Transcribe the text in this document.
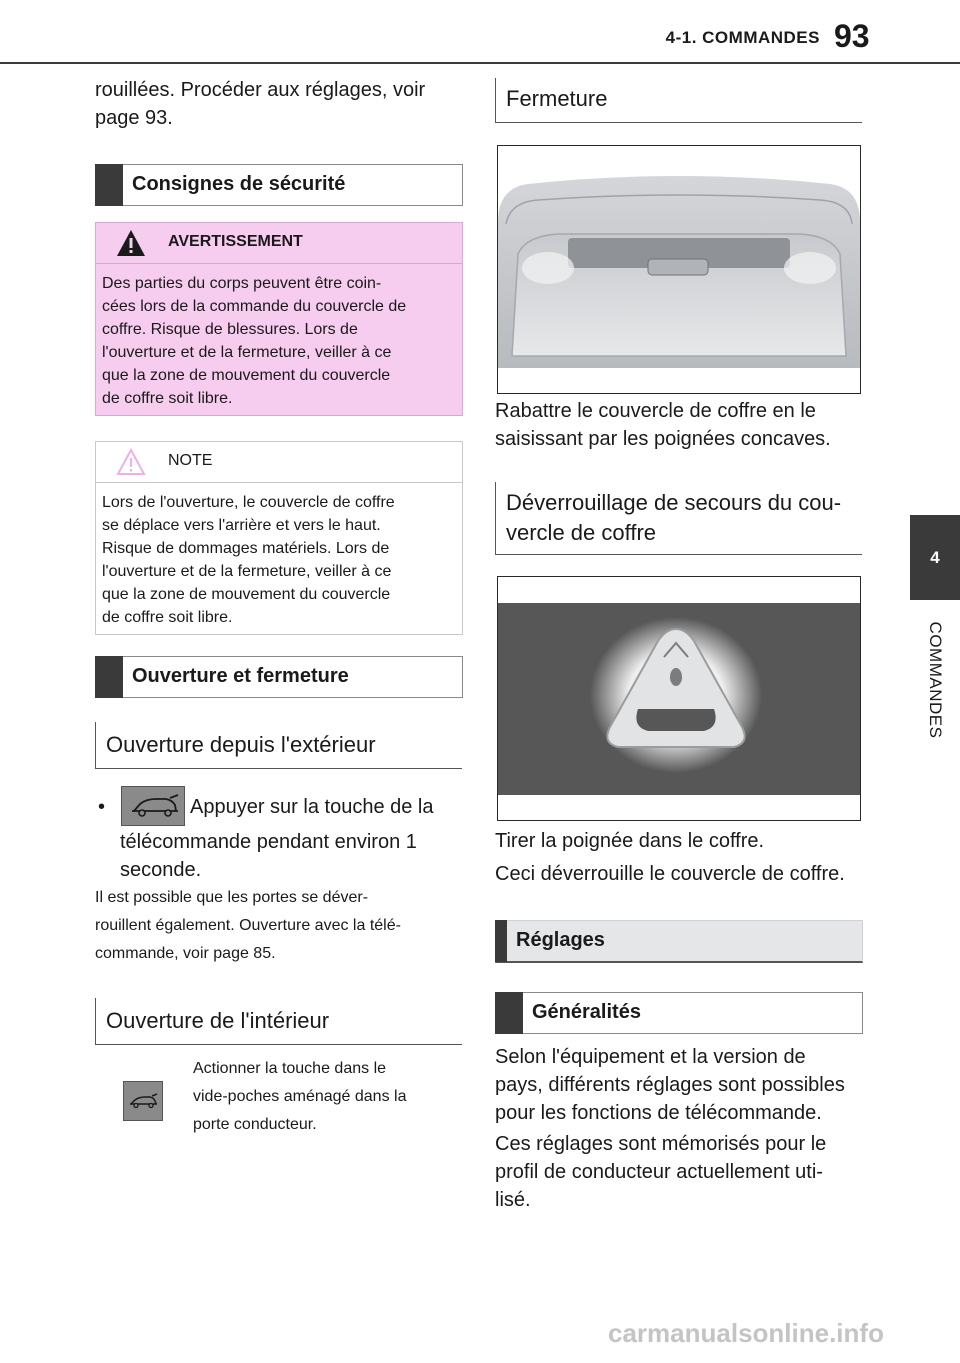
4-1. COMMANDES 93
4
COMMANDES
rouillées. Procéder aux réglages, voir
page 93.
Consignes de sécurité
AVERTISSEMENT
Des parties du corps peuvent être coin-
cées lors de la commande du couvercle de
coffre. Risque de blessures. Lors de
l'ouverture et de la fermeture, veiller à ce
que la zone de mouvement du couvercle
de coffre soit libre.
NOTE
Lors de l'ouverture, le couvercle de coffre
se déplace vers l'arrière et vers le haut.
Risque de dommages matériels. Lors de
l'ouverture et de la fermeture, veiller à ce
que la zone de mouvement du couvercle
de coffre soit libre.
Ouverture et fermeture
Ouverture depuis l'extérieur
•	Appuyer sur la touche de la
télécommande pendant environ 1
seconde.
Il est possible que les portes se déver-
rouillent également. Ouverture avec la télé-
commande, voir page 85.
Ouverture de l'intérieur
Actionner la touche dans le
vide-poches aménagé dans la
porte conducteur.
Fermeture
Rabattre le couvercle de coffre en le
saisissant par les poignées concaves.
Déverrouillage de secours du cou-
vercle de coffre
Tirer la poignée dans le coffre.
Ceci déverrouille le couvercle de coffre.
Réglages
Généralités
Selon l'équipement et la version de
pays, différents réglages sont possibles
pour les fonctions de télécommande.
Ces réglages sont mémorisés pour le
profil de conducteur actuellement uti-
lisé.
carmanualsonline.info
